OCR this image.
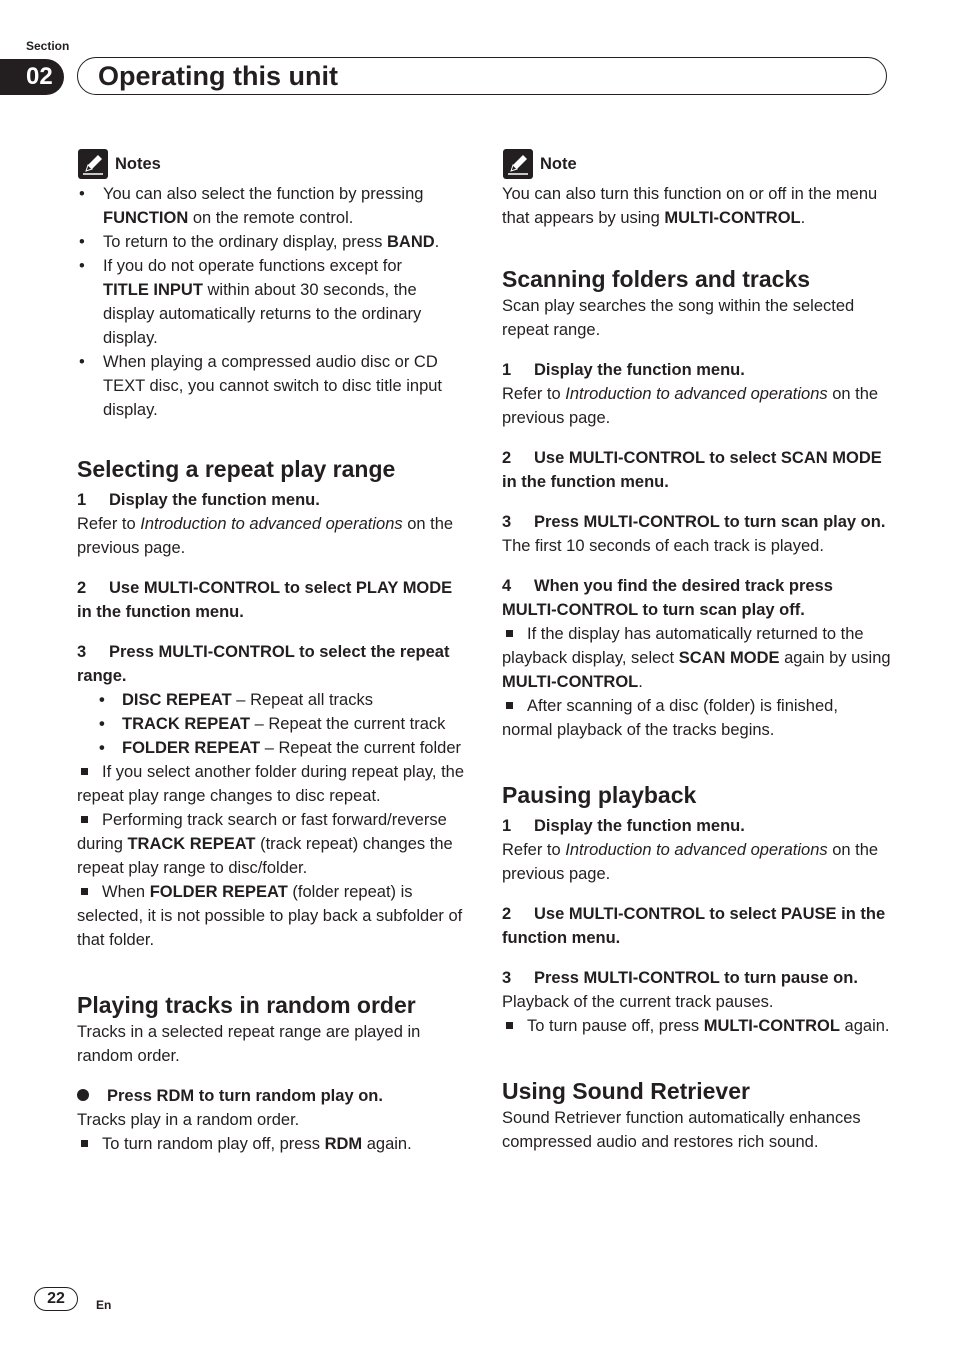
Section
02	Operating this unit
Notes
• You can also select the function by pressing
FUNCTION on the remote control.
• To return to the ordinary display, press BAND.
• If you do not operate functions except for
TITLE INPUT within about 30 seconds, the display automatically returns to the ordinary display.
• When playing a compressed audio disc or CD TEXT disc, you cannot switch to disc title input display.
Selecting a repeat play range
1 Display the function menu.
Refer to Introduction to advanced operations on the previous page.
2 Use MULTI-CONTROL to select PLAY MODE in the function menu.
3 Press MULTI-CONTROL to select the repeat range.
• DISC REPEAT – Repeat all tracks
• TRACK REPEAT – Repeat the current track
• FOLDER REPEAT – Repeat the current folder
If you select another folder during repeat play, the repeat play range changes to disc repeat.
Performing track search or fast forward/reverse during TRACK REPEAT (track repeat) changes the repeat play range to disc/folder.
When FOLDER REPEAT (folder repeat) is selected, it is not possible to play back a subfolder of that folder.
Playing tracks in random order
Tracks in a selected repeat range are played in random order.
Press RDM to turn random play on.
Tracks play in a random order.
To turn random play off, press RDM again.
Note
You can also turn this function on or off in the menu that appears by using MULTI-CONTROL.
Scanning folders and tracks
Scan play searches the song within the selected repeat range.
1 Display the function menu.
Refer to Introduction to advanced operations on the previous page.
2 Use MULTI-CONTROL to select SCAN MODE in the function menu.
3 Press MULTI-CONTROL to turn scan play on.
The first 10 seconds of each track is played.
4 When you find the desired track press MULTI-CONTROL to turn scan play off.
If the display has automatically returned to the playback display, select SCAN MODE again by using MULTI-CONTROL.
After scanning of a disc (folder) is finished, normal playback of the tracks begins.
Pausing playback
1 Display the function menu.
Refer to Introduction to advanced operations on the previous page.
2 Use MULTI-CONTROL to select PAUSE in the function menu.
3 Press MULTI-CONTROL to turn pause on.
Playback of the current track pauses.
To turn pause off, press MULTI-CONTROL again.
Using Sound Retriever
Sound Retriever function automatically enhances compressed audio and restores rich sound.
22	En
